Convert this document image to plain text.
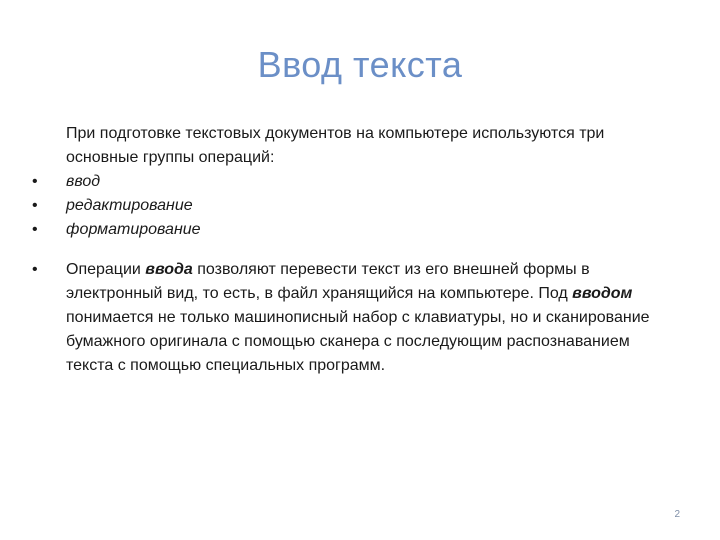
Ввод текста

При подготовке текстовых документов на компьютере используются три основные группы операций:

• ввод
• редактирование
• форматирование
• Операции ввода позволяют перевести текст из его внешней формы в электронный вид, то есть, в файл хранящийся на компьютере. Под вводом понимается не только машинописный набор с клавиатуры, но и сканирование бумажного оригинала с помощью сканера с последующим распознаванием текста с помощью специальных программ.
2
